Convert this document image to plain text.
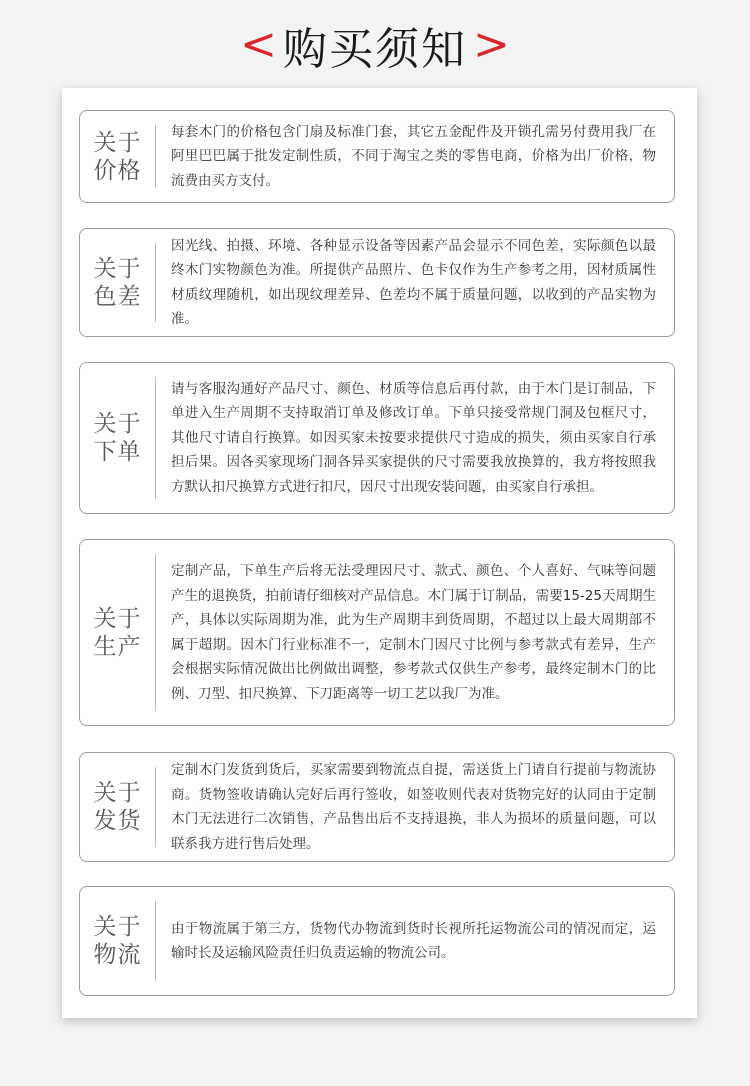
< 购买须知 >
关于
价格

每套木门的价格包含门扇及标准门套，其它五金配件及开锁孔需另付费用我厂在阿里巴巴属于批发定制性质，不同于淘宝之类的零售电商，价格为出厂价格，物流费由买方支付。

关于
色差

因光线、拍摄、环境、各种显示设备等因素产品会显示不同色差，实际颜色以最终木门实物颜色为准。所提供产品照片、色卡仅作为生产参考之用，因材质属性材质纹理随机，如出现纹理差异、色差均不属于质量问题，以收到的产品实物为准。

关于
下单

请与客服沟通好产品尺寸、颜色、材质等信息后再付款，由于木门是订制品，下单进入生产周期不支持取消订单及修改订单。下单只接受常规门洞及包框尺寸，其他尺寸请自行换算。如因买家未按要求提供尺寸造成的损失，须由买家自行承担后果。因各买家现场门洞各异买家提供的尺寸需要我放换算的，我方将按照我方默认扣尺换算方式进行扣尺，因尺寸出现安装问题，由买家自行承担。

关于
生产

定制产品，下单生产后将无法受理因尺寸、款式、颜色、个人喜好、气味等问题产生的退换货，拍前请仔细核对产品信息。木门属于订制品，需要15-25天周期生产，具体以实际周期为准，此为生产周期丰到货周期，不超过以上最大周期部不属于超期。因木门行业标准不一，定制木门因尺寸比例与参考款式有差异，生产会根据实际情况做出比例做出调整，参考款式仅供生产参考，最终定制木门的比例、刀型、扣尺换算、下刀距离等一切工艺以我厂为准。

关于
发货

定制木门发货到货后，买家需要到物流点自提，需送货上门请自行提前与物流协商。货物签收请确认完好后再行签收，如签收则代表对货物完好的认同由于定制木门无法进行二次销售，产品售出后不支持退换，非人为损坏的质量问题，可以联系我方进行售后处理。

关于
物流

由于物流属于第三方，货物代办物流到货时长视所托运物流公司的情况而定，运输时长及运输风险责任归负责运输的物流公司。
